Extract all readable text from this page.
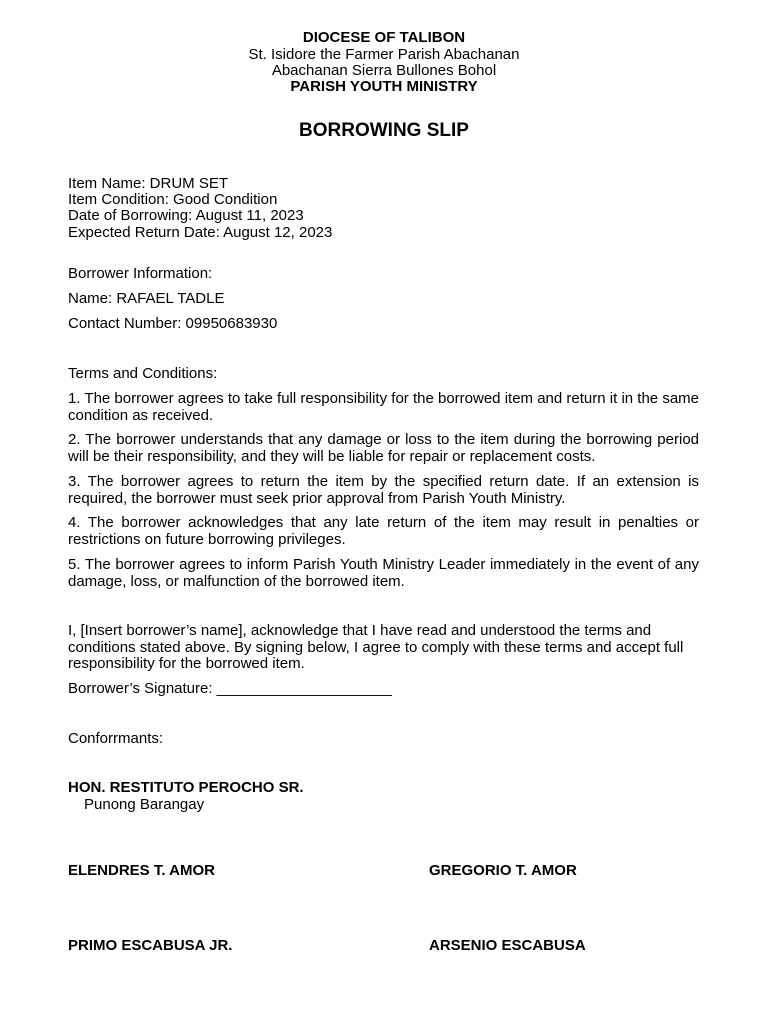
DIOCESE OF TALIBON
St. Isidore the Farmer Parish Abachanan
Abachanan Sierra Bullones Bohol
PARISH YOUTH MINISTRY
BORROWING SLIP
Item Name: DRUM SET
Item Condition: Good Condition
Date of Borrowing: August 11, 2023
Expected Return Date: August 12, 2023
Borrower Information:
Name: RAFAEL TADLE
Contact Number: 09950683930
Terms and Conditions:
1. The borrower agrees to take full responsibility for the borrowed item and return it in the same condition as received.
2. The borrower understands that any damage or loss to the item during the borrowing period will be their responsibility, and they will be liable for repair or replacement costs.
3. The borrower agrees to return the item by the specified return date. If an extension is required, the borrower must seek prior approval from Parish Youth Ministry.
4. The borrower acknowledges that any late return of the item may result in penalties or restrictions on future borrowing privileges.
5. The borrower agrees to inform Parish Youth Ministry Leader immediately in the event of any damage, loss, or malfunction of the borrowed item.
I, [Insert borrower’s name], acknowledge that I have read and understood the terms and conditions stated above. By signing below, I agree to comply with these terms and accept full responsibility for the borrowed item.
Borrower’s Signature: _____________________
Conforrmants:
HON. RESTITUTO PEROCHO SR.
Punong Barangay
ELENDRES T. AMOR	GREGORIO T. AMOR
PRIMO ESCABUSA JR.	ARSENIO ESCABUSA
